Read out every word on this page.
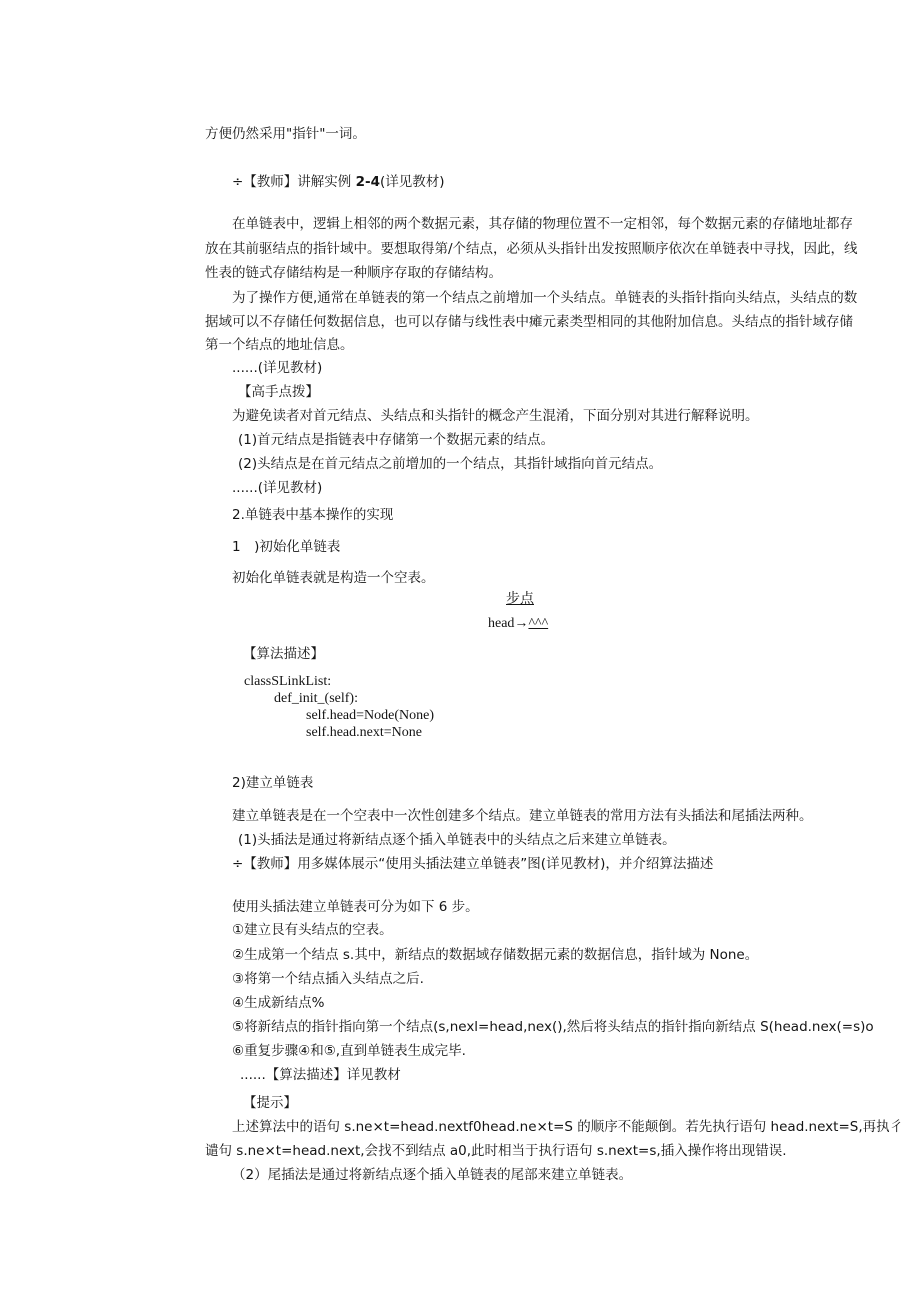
方便仍然采用"指针"一词。
÷【教师】讲解实例 2-4(详见教材)
在单链表中，逻辑上相邻的两个数据元素，其存储的物理位置不一定相邻，每个数据元素的存储地址都存
放在其前驱结点的指针域中。要想取得第/个结点，必须从头指针出发按照顺序依次在单链表中寻找，因此，线
性表的链式存储结构是一种顺序存取的存储结构。
为了操作方便,通常在单链表的第一个结点之前增加一个头结点。单链表的头指针指向头结点，头结点的数
据域可以不存储任何数据信息，也可以存储与线性表中瘫元素类型相同的其他附加信息。头结点的指针域存储
第一个结点的地址信息。
......(详见教材)
【高手点拨】
为避免读者对首元结点、头结点和头指针的概念产生混淆，下面分别对其进行解释说明。
(1)首元结点是指链表中存储第一个数据元素的结点。
(2)头结点是在首元结点之前增加的一个结点，其指针域指向首元结点。
......(详见教材)
2.单链表中基本操作的实现
1　)初始化单链表
初始化单链表就是构造一个空表。
步点
head→^^^
【算法描述】
classSLinkList:
def_init_(self):
self.head=Node(None)
self.head.next=None
2)建立单链表
建立单链表是在一个空表中一次性创建多个结点。建立单链表的常用方法有头插法和尾插法两种。
(1)头插法是通过将新结点逐个插入单链表中的头结点之后来建立单链表。
÷【教师】用多媒体展示“使用头插法建立单链表”图(详见教材)，并介绍算法描述
使用头插法建立单链表可分为如下 6 步。
①建立艮有头结点的空表。
②生成第一个结点 s.其中，新结点的数据域存储数据元素的数据信息，指针域为 None。
③将第一个结点插入头结点之后.
④生成新结点%
⑤将新结点的指针指向第一个结点(s,nexl=head,nex(),然后将头结点的指针指向新结点 S(head.nex(=s)o
⑥重复步骤④和⑤,直到单链表生成完毕.
......【算法描述】详见教材
【提示】
上述算法中的语句 s.ne×t=head.nextf0head.ne×t=S 的顺序不能颠倒。若先执行语句 head.next=S,再执彳
谴句 s.ne×t=head.next,会找不到结点 a0,此时相当于执行语句 s.next=s,插入操作将出现错误.
（2）尾插法是通过将新结点逐个插入单链表的尾部来建立单链表。
